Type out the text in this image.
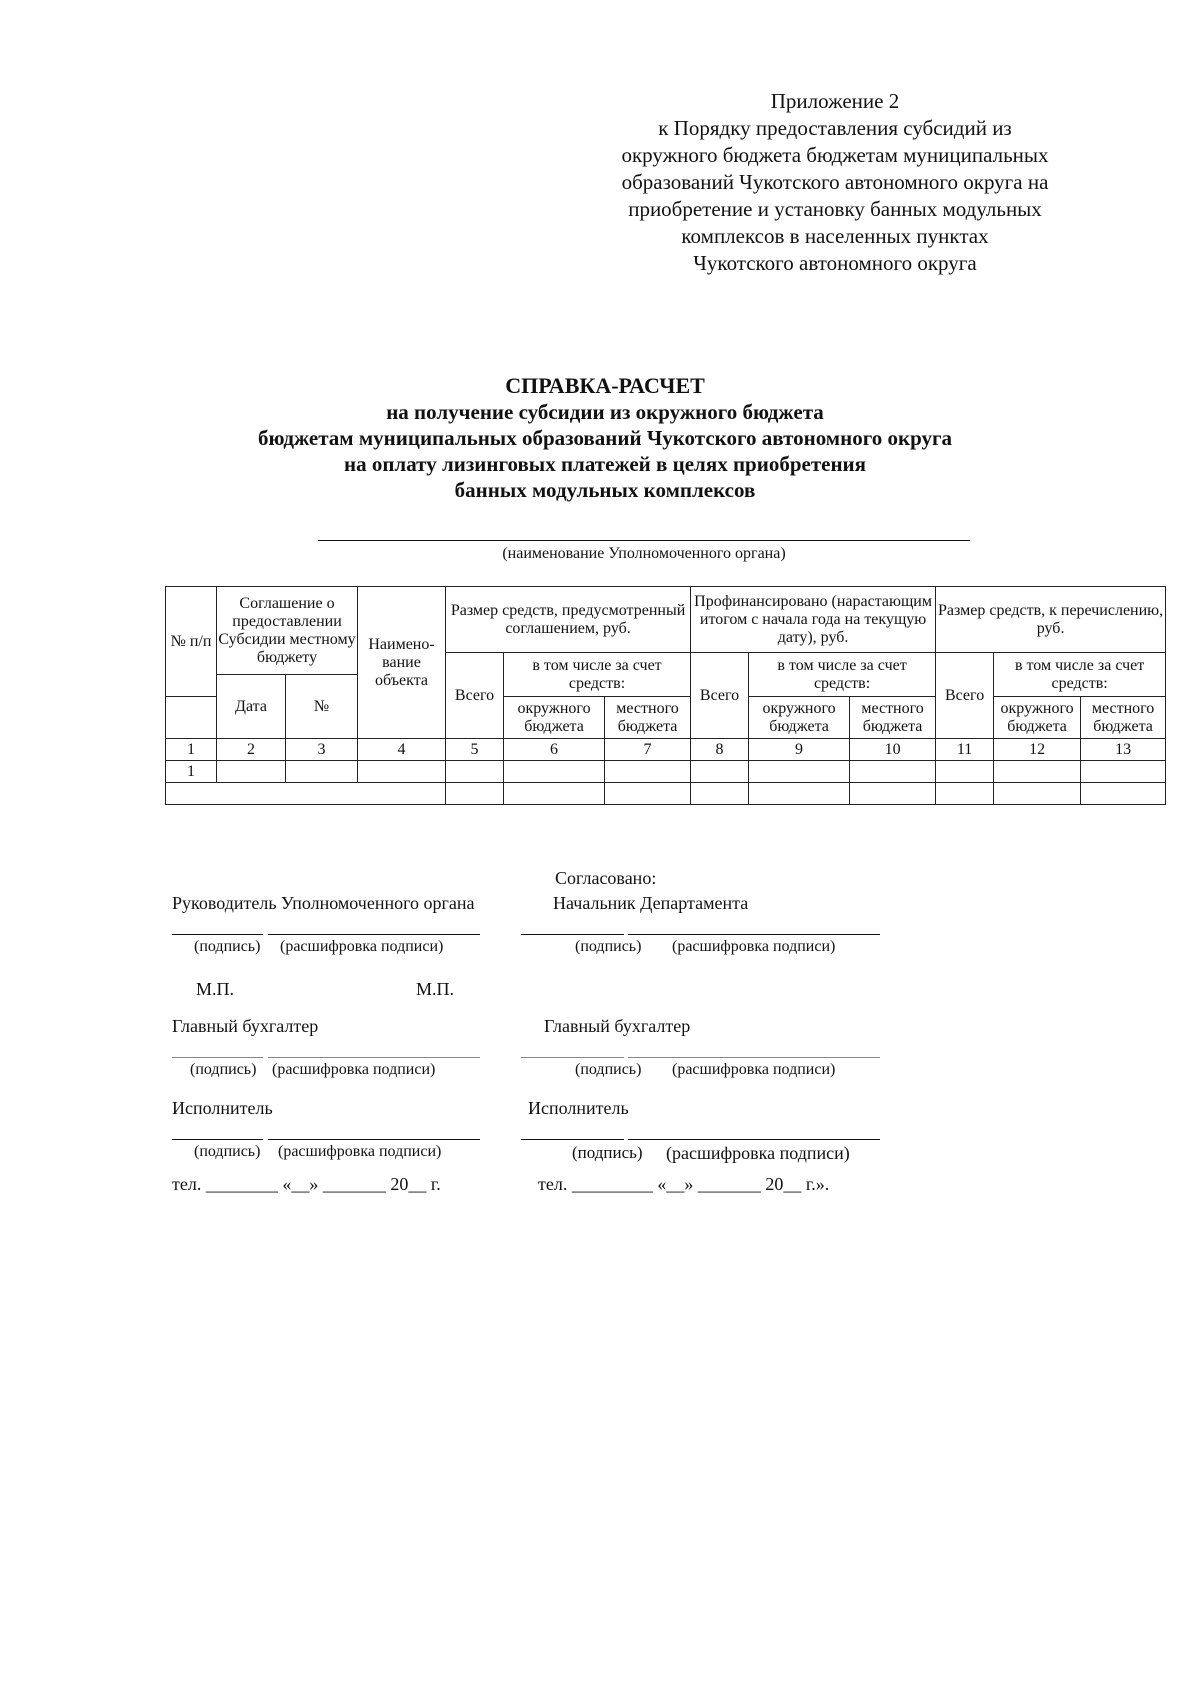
Приложение 2
к Порядку предоставления субсидий из
окружного бюджета бюджетам муниципальных
образований Чукотского автономного округа на
приобретение и установку банных модульных
комплексов в населенных пунктах
Чукотского автономного округа
СПРАВКА-РАСЧЕТ
на получение субсидии из окружного бюджета
бюджетам муниципальных образований Чукотского автономного округа
на оплату лизинговых платежей в целях приобретения
банных модульных комплексов
(наименование Уполномоченного органа)
№ п/п	Соглашение о предоставлении Субсидии местному бюджету		Наимено-вание объекта	Размер средств, предусмотренный соглашением, руб.			Профинансировано (нарастающим итогом с начала года на текущую дату), руб.			Размер средств, к перечислению, руб.		
				Всего	в том числе за счет средств:		Всего	в том числе за счет средств:		Всего	в том числе за счет средств:	
	Дата	№										
					окружного бюджета	местного бюджета		окружного бюджета	местного бюджета		окружного бюджета	местного бюджета
1	2	3	4	5	6	7	8	9	10	11	12	13
1												

Согласовано:
Руководитель Уполномоченного органа	Начальник Департамента
(подпись) (расшифровка подписи)	(подпись) (расшифровка подписи)
М.П.	М.П.
Главный бухгалтер	Главный бухгалтер
(подпись) (расшифровка подписи)	(подпись) (расшифровка подписи)
Исполнитель	Исполнитель
(подпись) (расшифровка подписи)	(подпись) (расшифровка подписи)
тел. ________ «__» _______ 20__ г.	тел. _________ «__» _______ 20__ г.».
